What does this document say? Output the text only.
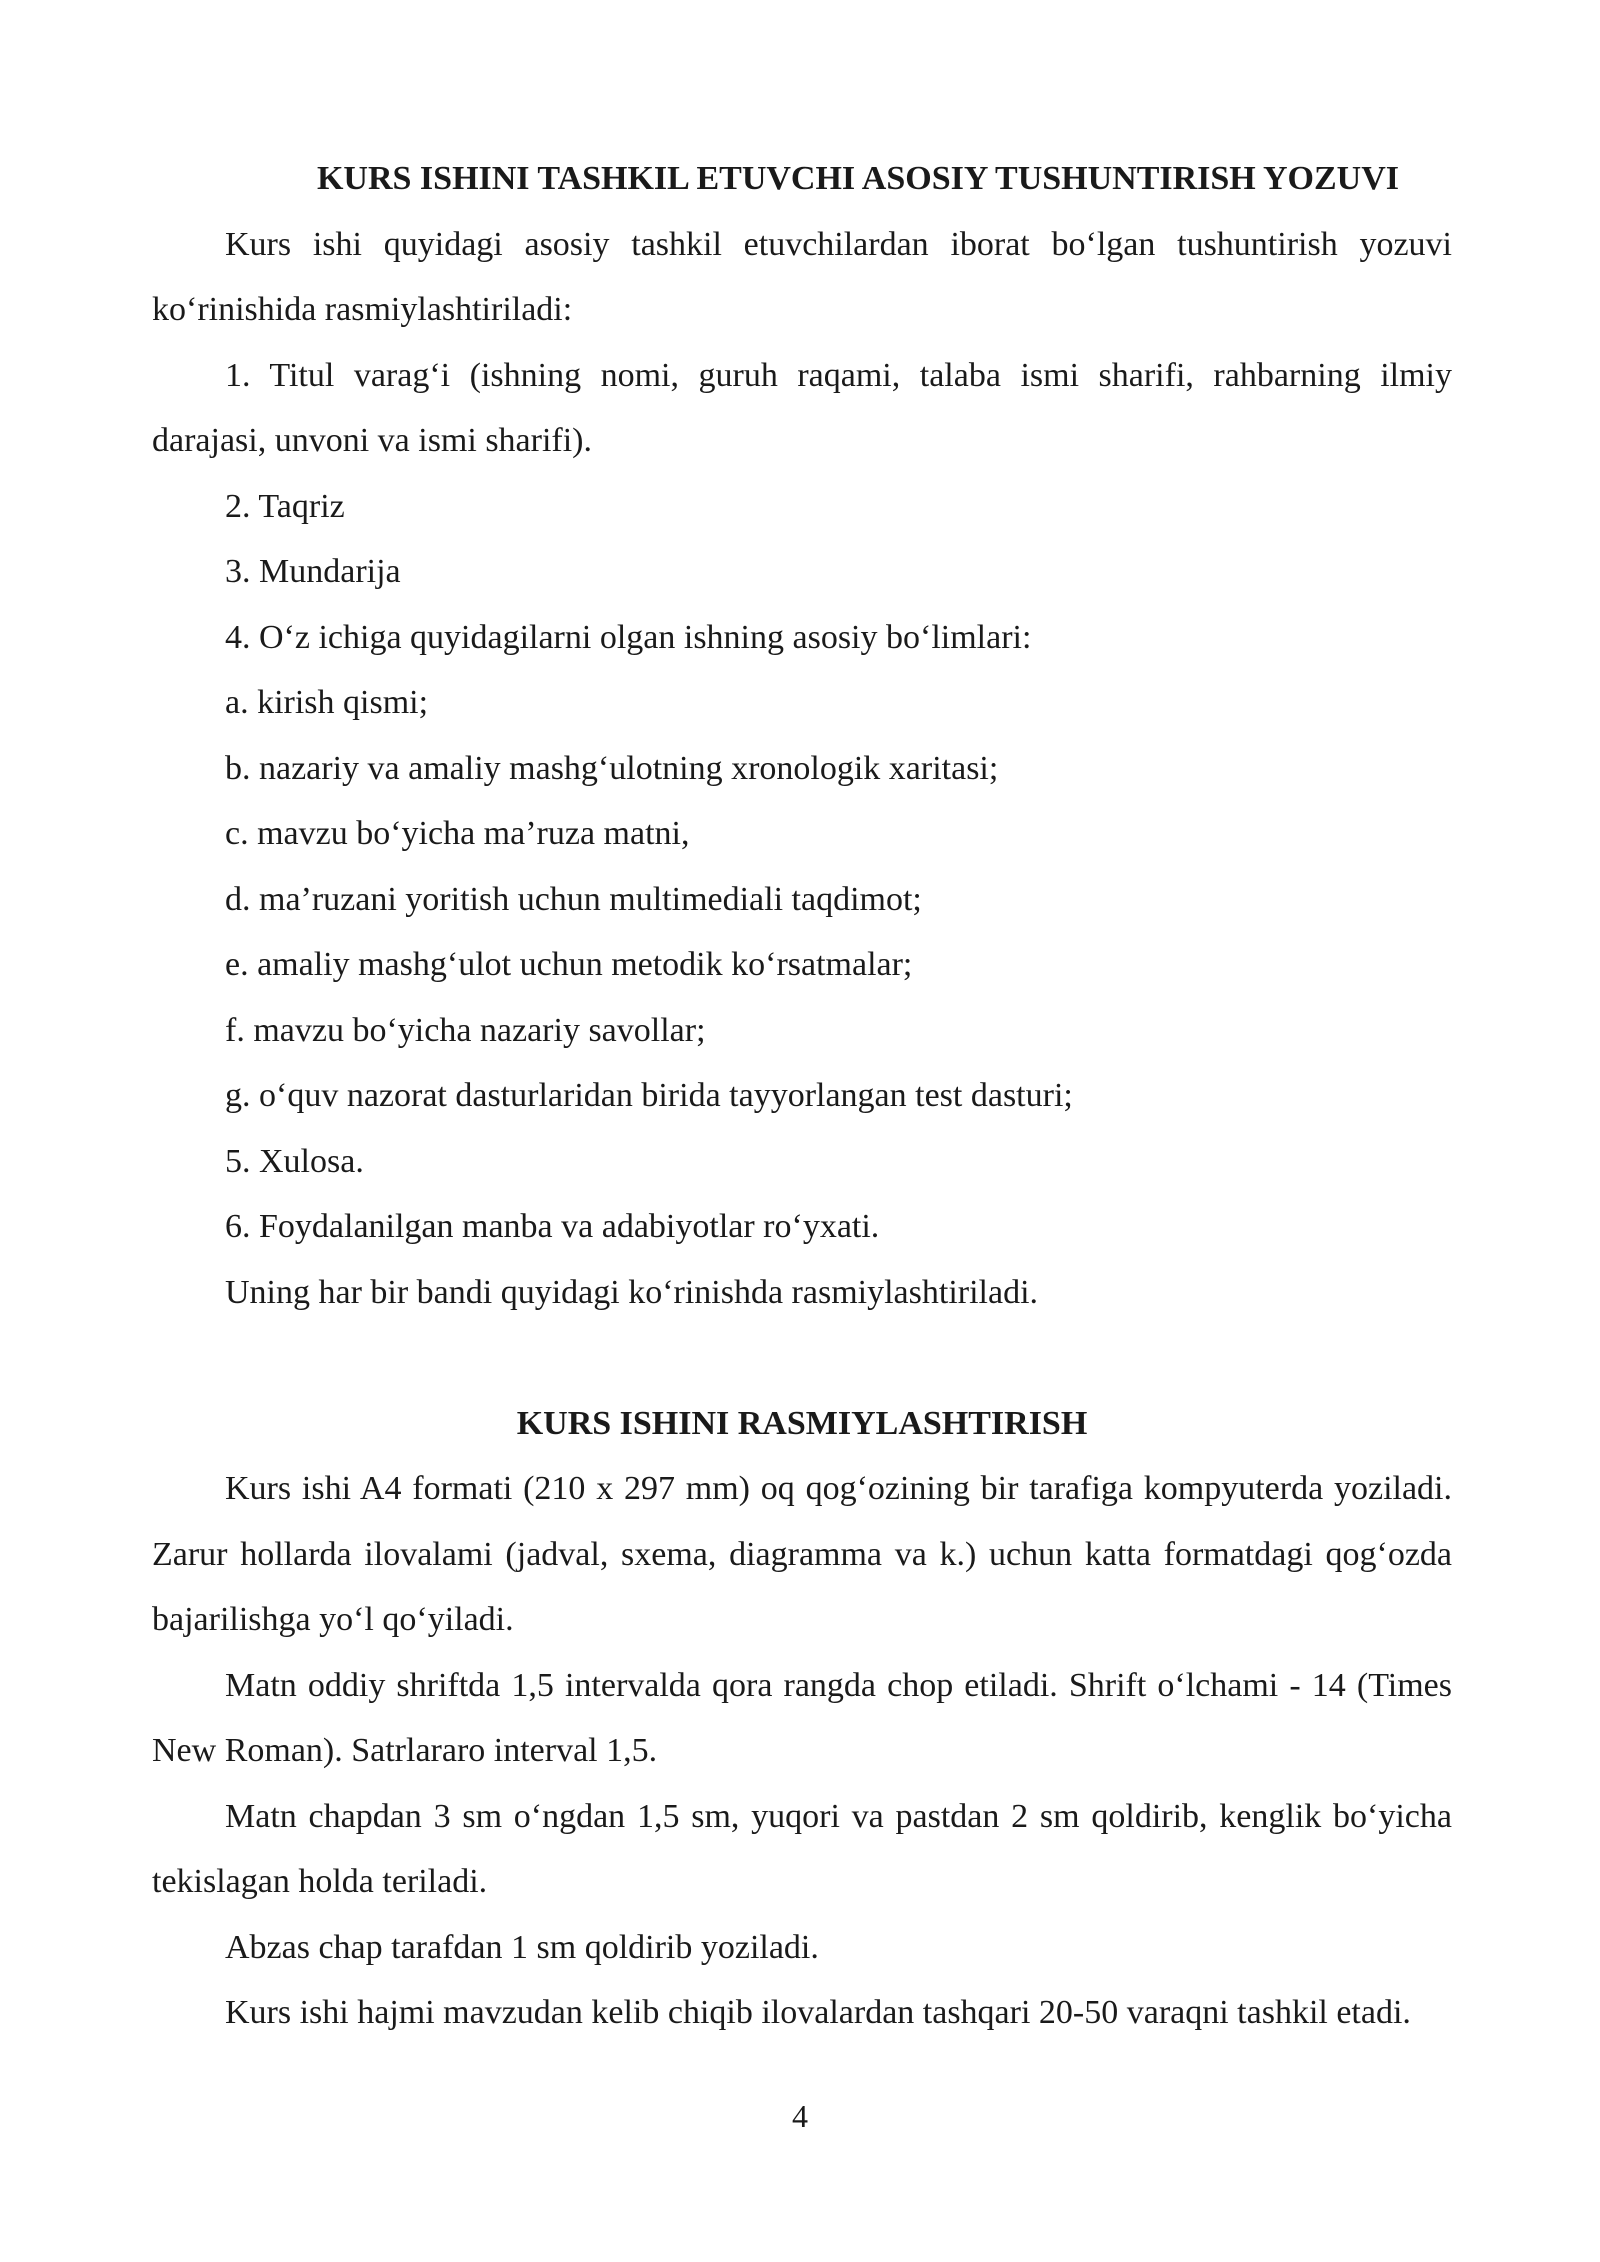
KURS ISHINI TASHKIL ETUVCHI ASOSIY TUSHUNTIRISH YOZUVI

Kurs ishi quyidagi asosiy tashkil etuvchilardan iborat bo‘lgan tushuntirish yozuvi ko‘rinishida rasmiylashtiriladi:

1. Titul varag‘i (ishning nomi, guruh raqami, talaba ismi sharifi, rahbarning ilmiy darajasi, unvoni va ismi sharifi).

2. Taqriz

3. Mundarija

4. O‘z ichiga quyidagilarni olgan ishning asosiy bo‘limlari:

a. kirish qismi;

b. nazariy va amaliy mashg‘ulotning xronologik xaritasi;

c. mavzu bo‘yicha ma’ruza matni,

d. ma’ruzani yoritish uchun multimediali taqdimot;

e. amaliy mashg‘ulot uchun metodik ko‘rsatmalar;

f. mavzu bo‘yicha nazariy savollar;

g. o‘quv nazorat dasturlaridan birida tayyorlangan test dasturi;

5. Xulosa.

6. Foydalanilgan manba va adabiyotlar ro‘yxati.

Uning har bir bandi quyidagi ko‘rinishda rasmiylashtiriladi.

KURS ISHINI RASMIYLASHTIRISH

Kurs ishi A4 formati (210 x 297 mm) oq qog‘ozining bir tarafiga kompyuterda yoziladi. Zarur hollarda ilovalami (jadval, sxema, diagramma va k.) uchun katta formatdagi qog‘ozda bajarilishga yo‘l qo‘yiladi.

Matn oddiy shriftda 1,5 intervalda qora rangda chop etiladi. Shrift o‘lchami - 14 (Times New Roman). Satrlararo interval 1,5.

Matn chapdan 3 sm o‘ngdan 1,5 sm, yuqori va pastdan 2 sm qoldirib, kenglik bo‘yicha tekislagan holda teriladi.

Abzas chap tarafdan 1 sm qoldirib yoziladi.

Kurs ishi hajmi mavzudan kelib chiqib ilovalardan tashqari 20-50 varaqni tashkil etadi.

4
